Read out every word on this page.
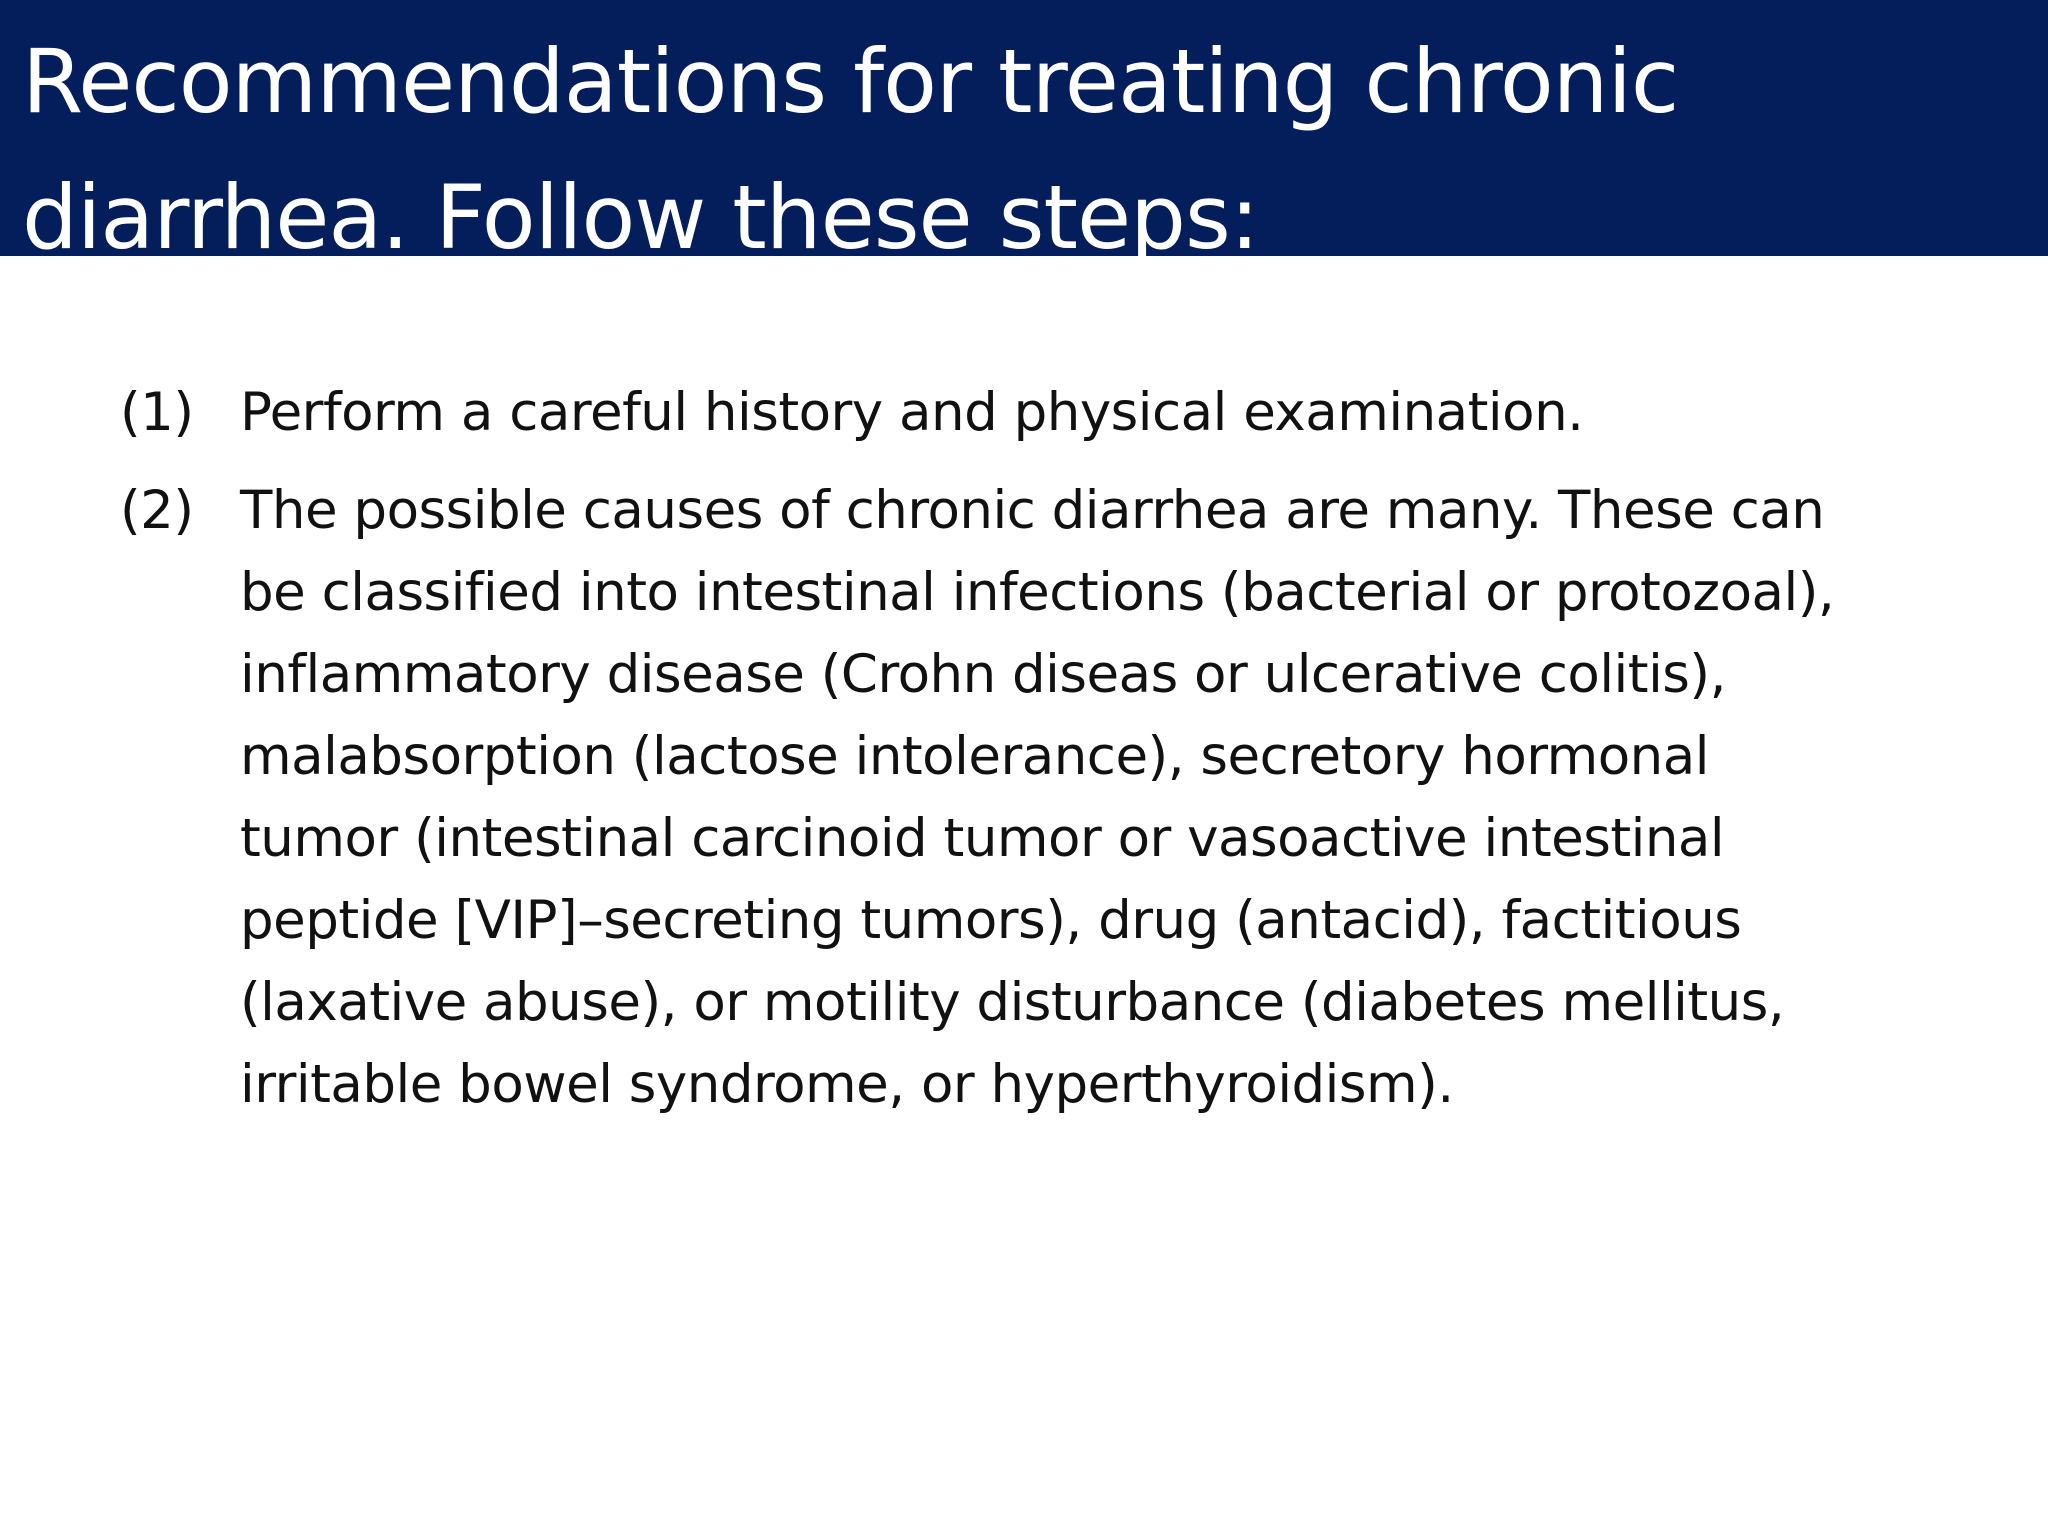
Recommendations for treating chronic
diarrhea. Follow these steps:
(1) Perform a careful history and physical examination.
(2) The possible causes of chronic diarrhea are many. These can
be classified into intestinal infections (bacterial or protozoal),
inflammatory disease (Crohn diseas or ulcerative colitis),
malabsorption (lactose intolerance), secretory hormonal
tumor (intestinal carcinoid tumor or vasoactive intestinal
peptide [VIP]–secreting tumors), drug (antacid), factitious
(laxative abuse), or motility disturbance (diabetes mellitus,
irritable bowel syndrome, or hyperthyroidism).
